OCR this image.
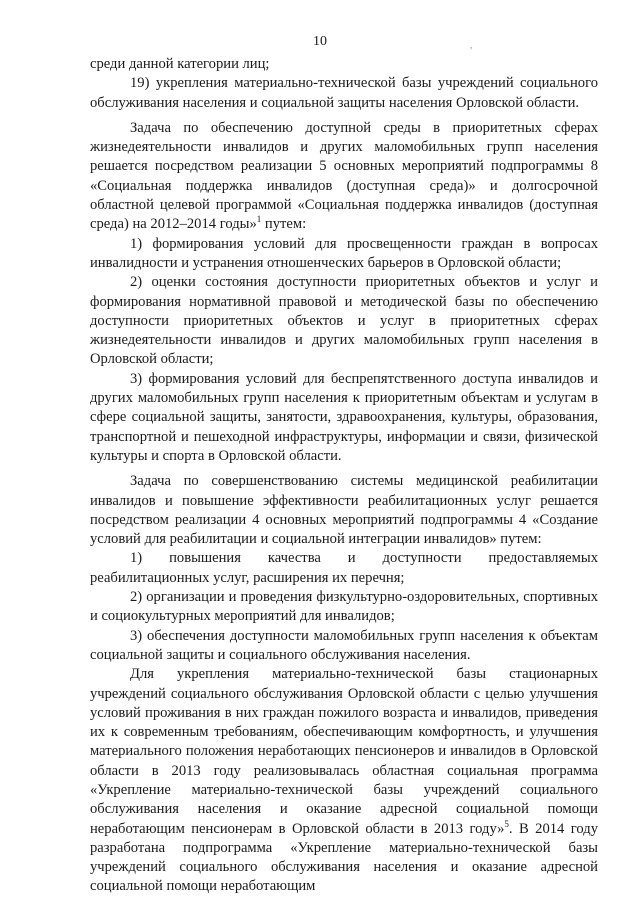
10	,

среди данной категории лиц;

19) укрепления материально-технической базы учреждений социального обслуживания населения и социальной защиты населения Орловской области.

Задача по обеспечению доступной среды в приоритетных сферах жизнедеятельности инвалидов и других маломобильных групп населения решается посредством реализации 5 основных мероприятий подпрограммы 8 «Социальная поддержка инвалидов (доступная среда)» и долгосрочной областной целевой программой «Социальная поддержка инвалидов (доступная среда) на 2012–2014 годы»$^1$ путем:

1) формирования условий для просвещенности граждан в вопросах инвалидности и устранения отношенческих барьеров в Орловской области;

2) оценки состояния доступности приоритетных объектов и услуг и формирования нормативной правовой и методической базы по обеспечению доступности приоритетных объектов и услуг в приоритетных сферах жизнедеятельности инвалидов и других маломобильных групп населения в Орловской области;

3) формирования условий для беспрепятственного доступа инвалидов и других маломобильных групп населения к приоритетным объектам и услугам в сфере социальной защиты, занятости, здравоохранения, культуры, образования, транспортной и пешеходной инфраструктуры, информации и связи, физической культуры и спорта в Орловской области.

Задача по совершенствованию системы медицинской реабилитации инвалидов и повышение эффективности реабилитационных услуг решается посредством реализации 4 основных мероприятий подпрограммы 4 «Создание условий для реабилитации и социальной интеграции инвалидов» путем:

1) повышения качества и доступности предоставляемых реабилитационных услуг, расширения их перечня;

2) организации и проведения физкультурно-оздоровительных, спортивных и социокультурных мероприятий для инвалидов;

3) обеспечения доступности маломобильных групп населения к объектам социальной защиты и социального обслуживания населения.

Для укрепления материально-технической базы стационарных учреждений социального обслуживания Орловской области с целью улучшения условий проживания в них граждан пожилого возраста и инвалидов, приведения их к современным требованиям, обеспечивающим комфортность, и улучшения материального положения неработающих пенсионеров и инвалидов в Орловской области в 2013 году реализовывалась областная социальная программа «Укрепление материально-технической базы учреждений социального обслуживания населения и оказание адресной социальной помощи неработающим пенсионерам в Орловской области в 2013 году»$^5$. В 2014 году разработана подпрограмма «Укрепление материально-технической базы учреждений социального обслуживания населения и оказание адресной социальной помощи неработающим
